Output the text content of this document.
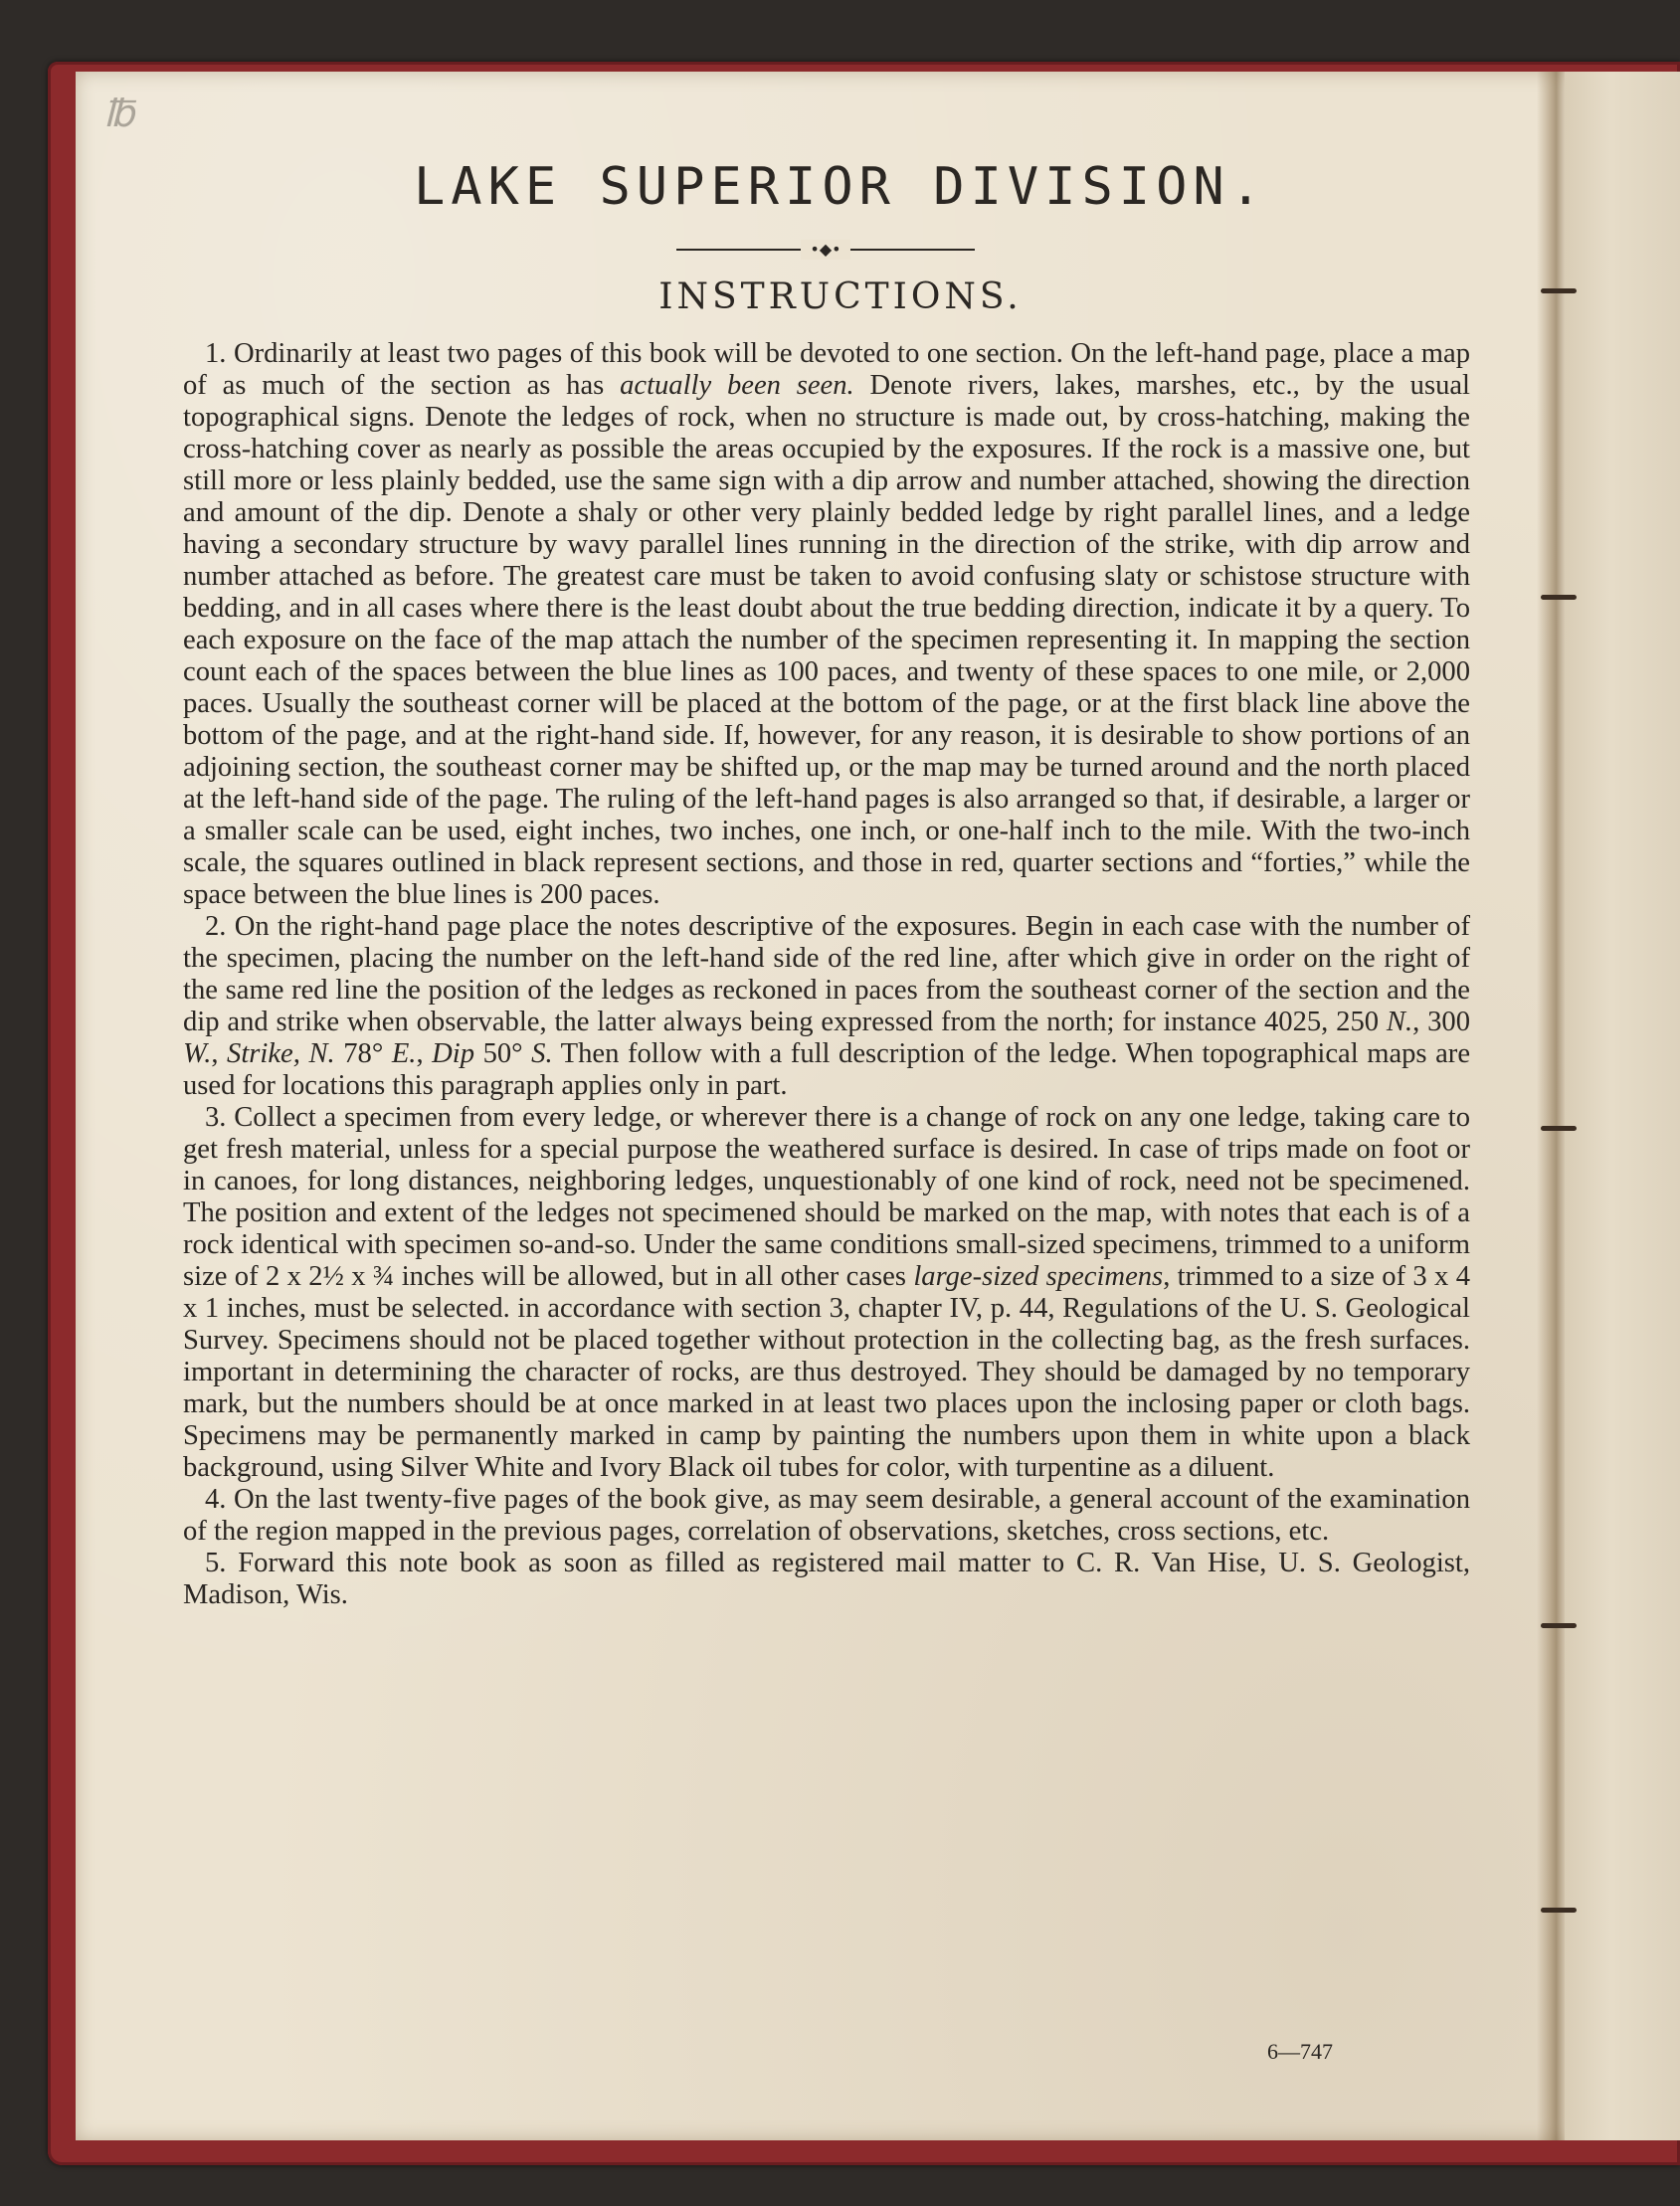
℔
LAKE SUPERIOR DIVISION.
•◆•
INSTRUCTIONS.

1. Ordinarily at least two pages of this book will be devoted to one section. On the left-hand page, place a map of as much of the section as has actually been seen. Denote rivers, lakes, marshes, etc., by the usual topographical signs. Denote the ledges of rock, when no structure is made out, by cross-hatching, making the cross-hatching cover as nearly as possible the areas occupied by the exposures. If the rock is a massive one, but still more or less plainly bedded, use the same sign with a dip arrow and number attached, showing the direction and amount of the dip. Denote a shaly or other very plainly bedded ledge by right parallel lines, and a ledge having a secondary structure by wavy parallel lines running in the direction of the strike, with dip arrow and number attached as before. The greatest care must be taken to avoid confusing slaty or schistose structure with bedding, and in all cases where there is the least doubt about the true bedding direction, indicate it by a query. To each exposure on the face of the map attach the number of the specimen representing it. In mapping the section count each of the spaces between the blue lines as 100 paces, and twenty of these spaces to one mile, or 2,000 paces. Usually the southeast corner will be placed at the bottom of the page, or at the first black line above the bottom of the page, and at the right-hand side. If, however, for any reason, it is desirable to show portions of an adjoining section, the southeast corner may be shifted up, or the map may be turned around and the north placed at the left-hand side of the page. The ruling of the left-hand pages is also arranged so that, if desirable, a larger or a smaller scale can be used, eight inches, two inches, one inch, or one-half inch to the mile. With the two-inch scale, the squares outlined in black represent sections, and those in red, quarter sections and “forties,” while the space between the blue lines is 200 paces.

2. On the right-hand page place the notes descriptive of the exposures. Begin in each case with the number of the specimen, placing the number on the left-hand side of the red line, after which give in order on the right of the same red line the position of the ledges as reckoned in paces from the southeast corner of the section and the dip and strike when observable, the latter always being expressed from the north; for instance 4025, 250 N., 300 W., Strike, N. 78° E., Dip 50° S. Then follow with a full description of the ledge. When topographical maps are used for locations this paragraph applies only in part.

3. Collect a specimen from every ledge, or wherever there is a change of rock on any one ledge, taking care to get fresh material, unless for a special purpose the weathered surface is desired. In case of trips made on foot or in canoes, for long distances, neighboring ledges, unquestionably of one kind of rock, need not be specimened. The position and extent of the ledges not specimened should be marked on the map, with notes that each is of a rock identical with specimen so-and-so. Under the same conditions small-sized specimens, trimmed to a uniform size of 2 x 2½ x ¾ inches will be allowed, but in all other cases large-sized specimens, trimmed to a size of 3 x 4 x 1 inches, must be selected. in accordance with section 3, chapter IV, p. 44, Regulations of the U. S. Geological Survey. Specimens should not be placed together without protection in the collecting bag, as the fresh surfaces. important in determining the character of rocks, are thus destroyed. They should be damaged by no temporary mark, but the numbers should be at once marked in at least two places upon the inclosing paper or cloth bags. Specimens may be permanently marked in camp by painting the numbers upon them in white upon a black background, using Silver White and Ivory Black oil tubes for color, with turpentine as a diluent.

4. On the last twenty-five pages of the book give, as may seem desirable, a general account of the examination of the region mapped in the previous pages, correlation of observations, sketches, cross sections, etc.

5. Forward this note book as soon as filled as registered mail matter to C. R. Van Hise, U. S. Geologist, Madison, Wis.

6—747
